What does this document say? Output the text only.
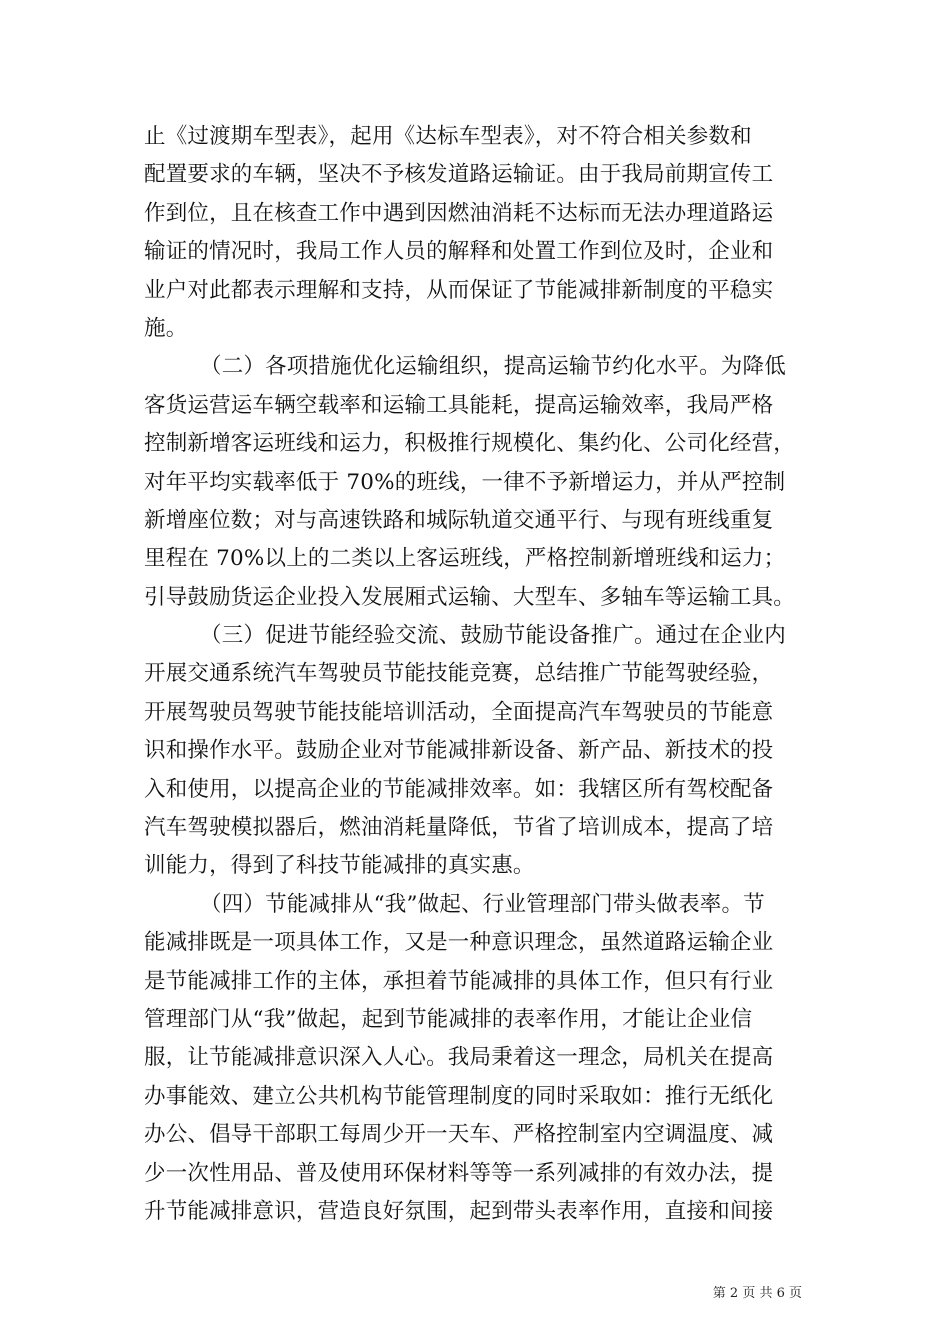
止《过渡期车型表》，起用《达标车型表》，对不符合相关参数和
配置要求的车辆，坚决不予核发道路运输证。由于我局前期宣传工
作到位，且在核查工作中遇到因燃油消耗不达标而无法办理道路运
输证的情况时，我局工作人员的解释和处置工作到位及时，企业和
业户对此都表示理解和支持，从而保证了节能减排新制度的平稳实
施。
（二）各项措施优化运输组织，提高运输节约化水平。为降低
客货运营运车辆空载率和运输工具能耗，提高运输效率，我局严格
控制新增客运班线和运力，积极推行规模化、集约化、公司化经营，
对年平均实载率低于 70%的班线，一律不予新增运力，并从严控制
新增座位数；对与高速铁路和城际轨道交通平行、与现有班线重复
里程在 70%以上的二类以上客运班线，严格控制新增班线和运力；
引导鼓励货运企业投入发展厢式运输、大型车、多轴车等运输工具。
（三）促进节能经验交流、鼓励节能设备推广。通过在企业内
开展交通系统汽车驾驶员节能技能竞赛，总结推广节能驾驶经验，
开展驾驶员驾驶节能技能培训活动，全面提高汽车驾驶员的节能意
识和操作水平。鼓励企业对节能减排新设备、新产品、新技术的投
入和使用，以提高企业的节能减排效率。如：我辖区所有驾校配备
汽车驾驶模拟器后，燃油消耗量降低，节省了培训成本，提高了培
训能力，得到了科技节能减排的真实惠。
（四）节能减排从“我”做起、行业管理部门带头做表率。节
能减排既是一项具体工作，又是一种意识理念，虽然道路运输企业
是节能减排工作的主体，承担着节能减排的具体工作，但只有行业
管理部门从“我”做起，起到节能减排的表率作用，才能让企业信
服，让节能减排意识深入人心。我局秉着这一理念，局机关在提高
办事能效、建立公共机构节能管理制度的同时采取如：推行无纸化
办公、倡导干部职工每周少开一天车、严格控制室内空调温度、减
少一次性用品、普及使用环保材料等等一系列减排的有效办法，提
升节能减排意识，营造良好氛围，起到带头表率作用，直接和间接
第 2 页 共 6 页
